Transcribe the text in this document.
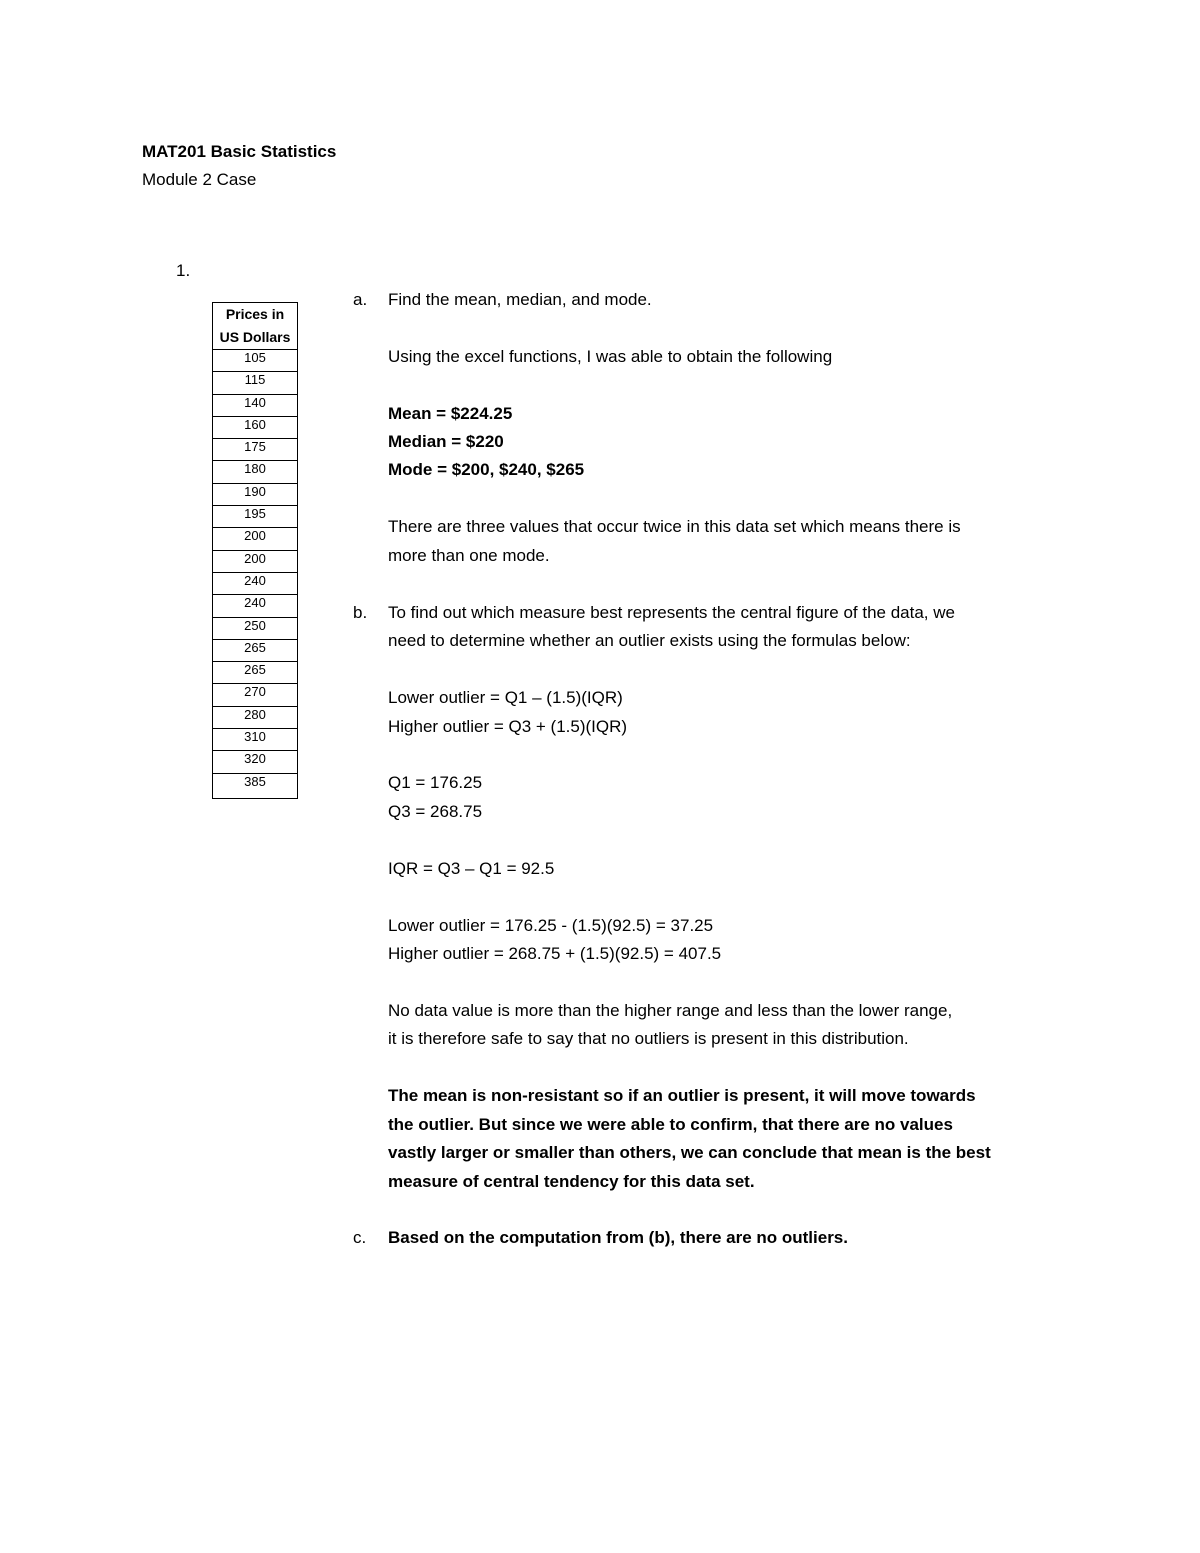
MAT201 Basic Statistics
Module 2 Case
1.
Prices in
US Dollars
105
115
140
160
175
180
190
195
200
200
240
240
250
265
265
270
280
310
320
385
a. Find the mean, median, and mode.
Using the excel functions, I was able to obtain the following
Mean = $224.25
Median = $220
Mode = $200, $240, $265
There are three values that occur twice in this data set which means there is
more than one mode.
b. To find out which measure best represents the central figure of the data, we
need to determine whether an outlier exists using the formulas below:
Lower outlier = Q1 – (1.5)(IQR)
Higher outlier = Q3 + (1.5)(IQR)
Q1 = 176.25
Q3 = 268.75
IQR = Q3 – Q1 = 92.5
Lower outlier = 176.25 - (1.5)(92.5) = 37.25
Higher outlier = 268.75 + (1.5)(92.5) = 407.5
No data value is more than the higher range and less than the lower range,
it is therefore safe to say that no outliers is present in this distribution.
The mean is non-resistant so if an outlier is present, it will move towards
the outlier. But since we were able to confirm, that there are no values
vastly larger or smaller than others, we can conclude that mean is the best
measure of central tendency for this data set.
c. Based on the computation from (b), there are no outliers.
